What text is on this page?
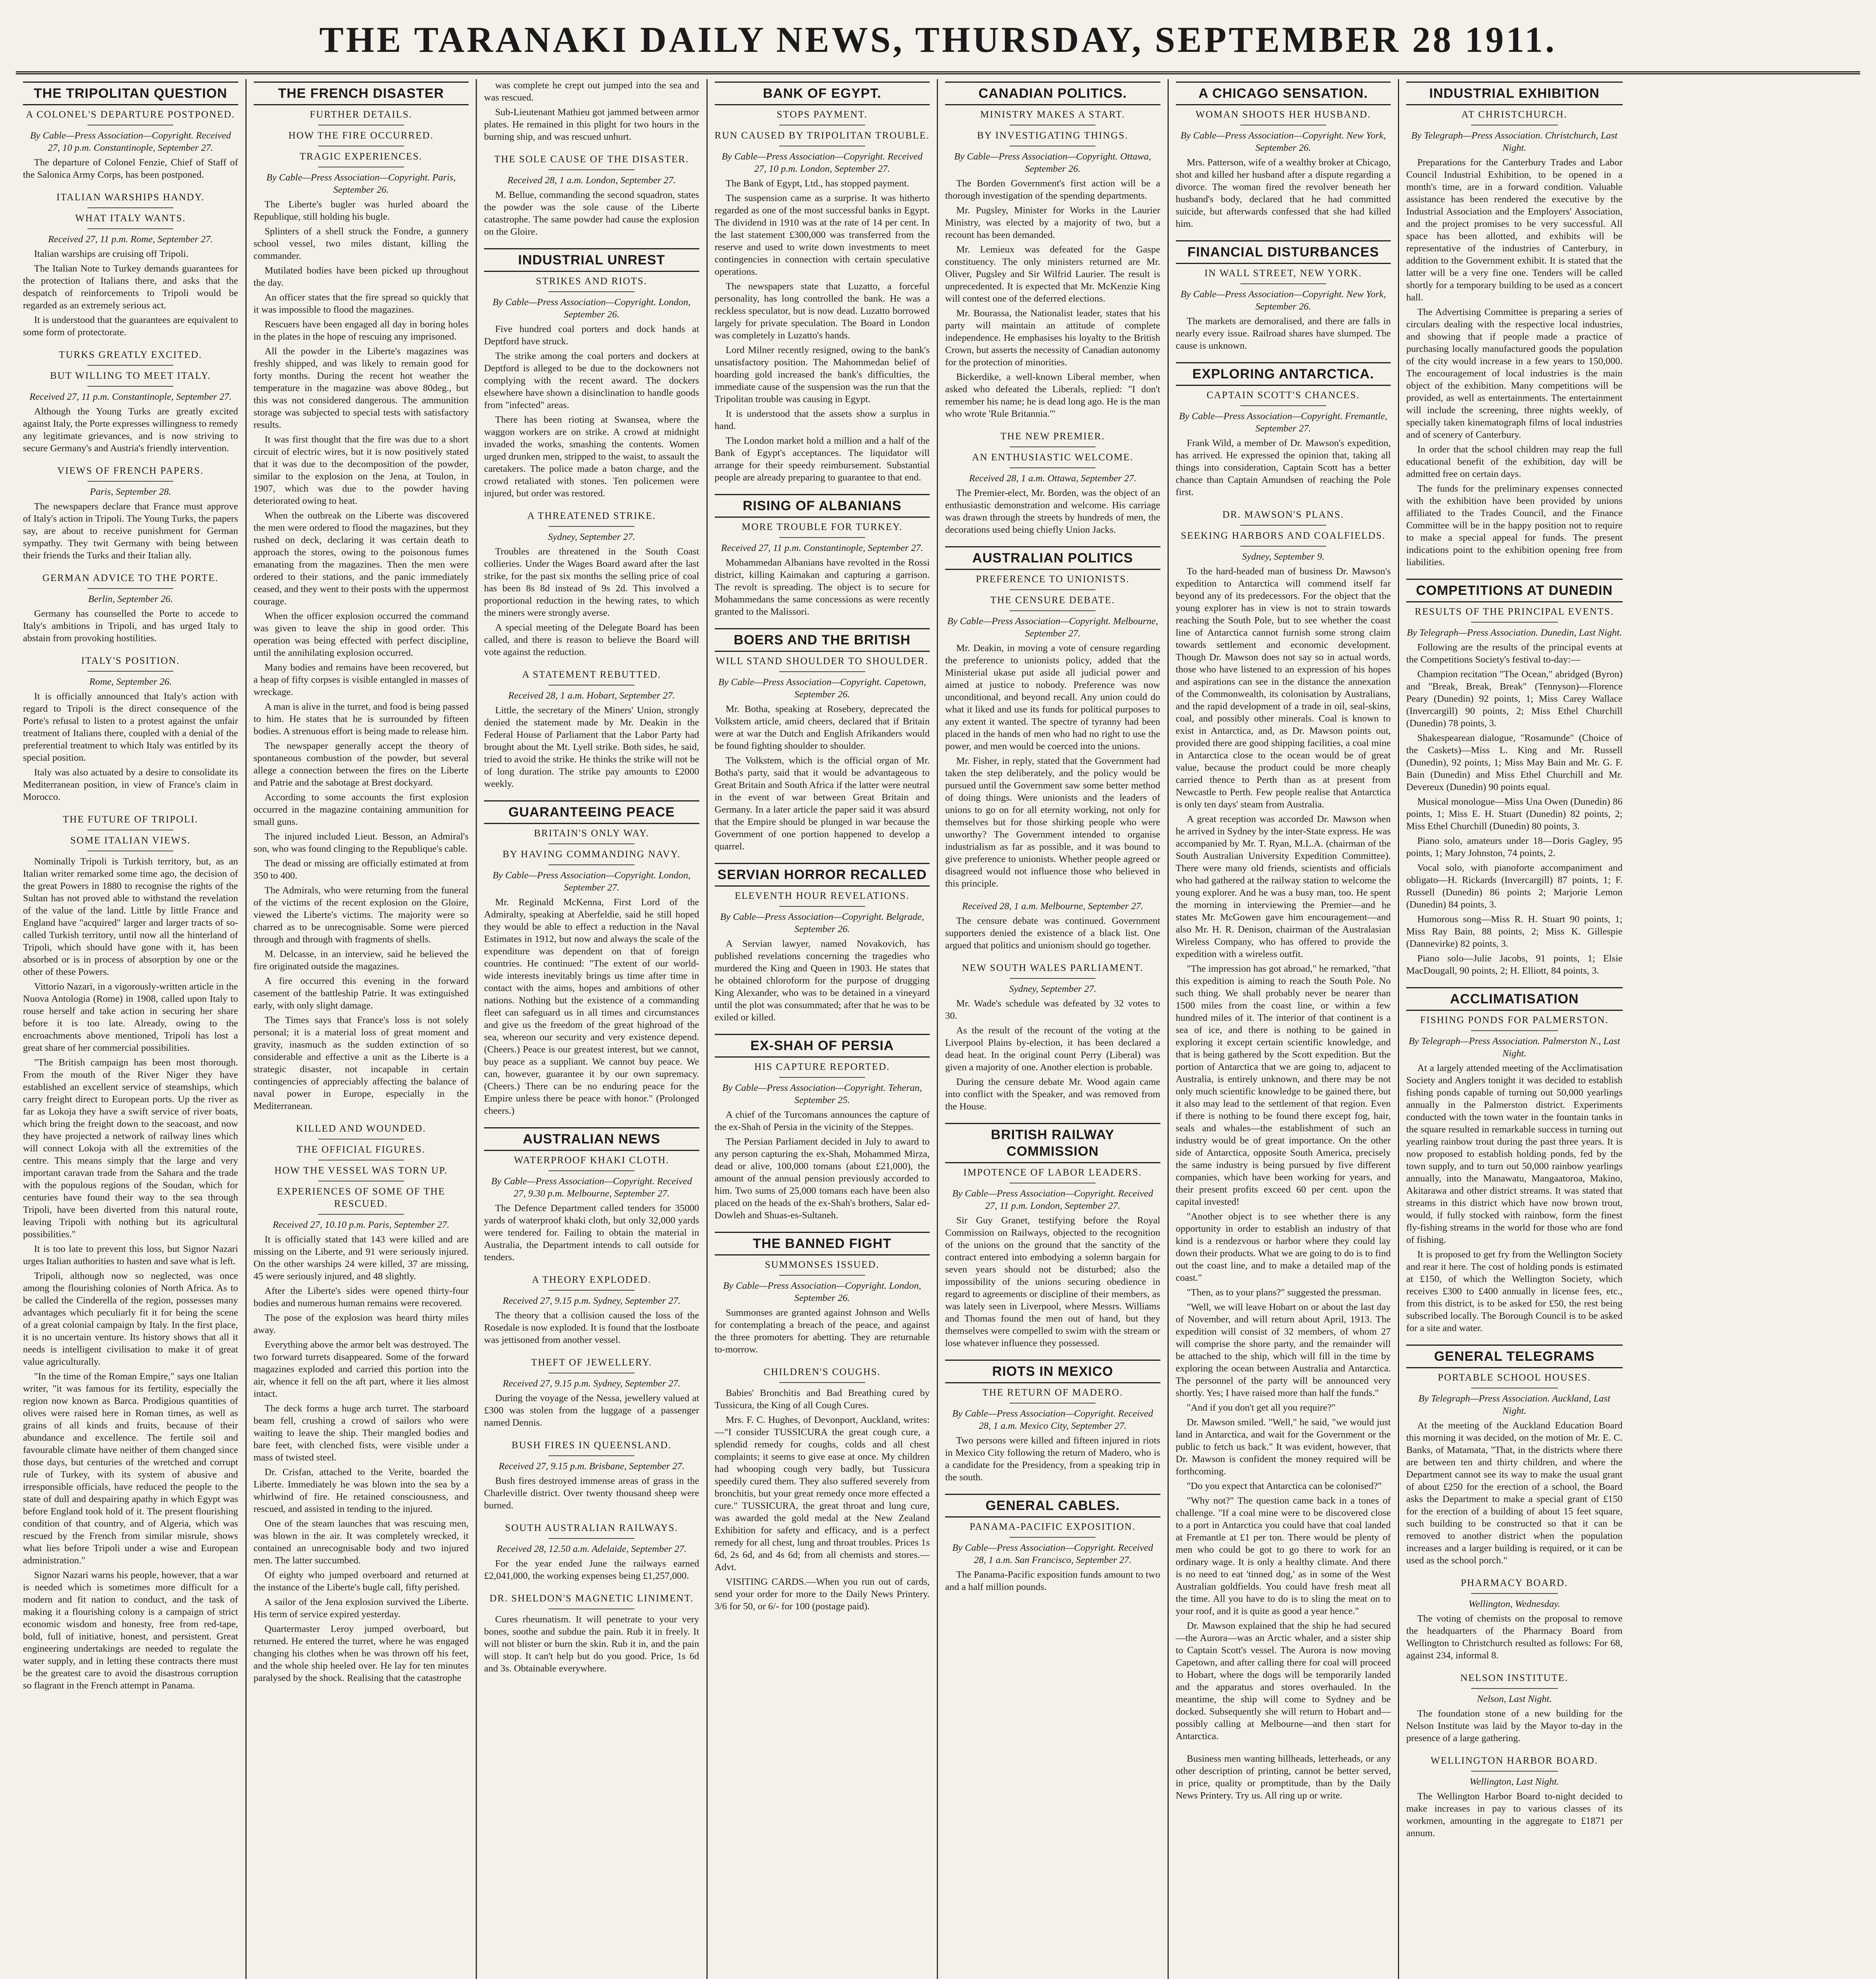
THE TARANAKI DAILY NEWS, THURSDAY, SEPTEMBER 28 1911.
THE TRIPOLITAN QUESTION
A COLONEL'S DEPARTURE POSTPONED.
By Cable—Press Association—Copyright. Received 27, 10 p.m. Constantinople, September 27.

The departure of Colonel Fenzie, Chief of Staff of the Salonica Army Corps, has been postponed.

ITALIAN WARSHIPS HANDY.
WHAT ITALY WANTS.
Received 27, 11 p.m. Rome, September 27.

Italian warships are cruising off Tripoli.

The Italian Note to Turkey demands guarantees for the protection of Italians there, and asks that the despatch of reinforcements to Tripoli would be regarded as an extremely serious act.

It is understood that the guarantees are equivalent to some form of protectorate.

TURKS GREATLY EXCITED.
BUT WILLING TO MEET ITALY.
Received 27, 11 p.m. Constantinople, September 27.

Although the Young Turks are greatly excited against Italy, the Porte expresses willingness to remedy any legitimate grievances, and is now striving to secure Germany's and Austria's friendly intervention.

VIEWS OF FRENCH PAPERS.
Paris, September 28.

The newspapers declare that France must approve of Italy's action in Tripoli. The Young Turks, the papers say, are about to receive punishment for German sympathy. They twit Germany with being between their friends the Turks and their Italian ally.

GERMAN ADVICE TO THE PORTE.
Berlin, September 26.

Germany has counselled the Porte to accede to Italy's ambitions in Tripoli, and has urged Italy to abstain from provoking hostilities.

ITALY'S POSITION.
Rome, September 26.

It is officially announced that Italy's action with regard to Tripoli is the direct consequence of the Porte's refusal to listen to a protest against the unfair treatment of Italians there, coupled with a denial of the preferential treatment to which Italy was entitled by its special position.

Italy was also actuated by a desire to consolidate its Mediterranean position, in view of France's claim in Morocco.

THE FUTURE OF TRIPOLI.
SOME ITALIAN VIEWS.

Nominally Tripoli is Turkish territory, but, as an Italian writer remarked some time ago, the decision of the great Powers in 1880 to recognise the rights of the Sultan has not proved able to withstand the revelation of the value of the land. Little by little France and England have "acquired" larger and larger tracts of so-called Turkish territory, until now all the hinterland of Tripoli, which should have gone with it, has been absorbed or is in process of absorption by one or the other of these Powers.

Vittorio Nazari, in a vigorously-written article in the Nuova Antologia (Rome) in 1908, called upon Italy to rouse herself and take action in securing her share before it is too late. Already, owing to the encroachments above mentioned, Tripoli has lost a great share of her commercial possibilities.

"The British campaign has been most thorough. From the mouth of the River Niger they have established an excellent service of steamships, which carry freight direct to European ports. Up the river as far as Lokoja they have a swift service of river boats, which bring the freight down to the seacoast, and now they have projected a network of railway lines which will connect Lokoja with all the extremities of the centre. This means simply that the large and very important caravan trade from the Sahara and the trade with the populous regions of the Soudan, which for centuries have found their way to the sea through Tripoli, have been diverted from this natural route, leaving Tripoli with nothing but its agricultural possibilities."

It is too late to prevent this loss, but Signor Nazari urges Italian authorities to hasten and save what is left.

Tripoli, although now so neglected, was once among the flourishing colonies of North Africa. As to be called the Cinderella of the region, possesses many advantages which peculiarly fit it for being the scene of a great colonial campaign by Italy. In the first place, it is no uncertain venture. Its history shows that all it needs is intelligent civilisation to make it of great value agriculturally.

"In the time of the Roman Empire," says one Italian writer, "it was famous for its fertility, especially the region now known as Barca. Prodigious quantities of olives were raised here in Roman times, as well as grains of all kinds and fruits, because of their abundance and excellence. The fertile soil and favourable climate have neither of them changed since those days, but centuries of the wretched and corrupt rule of Turkey, with its system of abusive and irresponsible officials, have reduced the people to the state of dull and despairing apathy in which Egypt was before England took hold of it. The present flourishing condition of that country, and of Algeria, which was rescued by the French from similar misrule, shows what lies before Tripoli under a wise and European administration."

Signor Nazari warns his people, however, that a war is needed which is sometimes more difficult for a modern and fit nation to conduct, and the task of making it a flourishing colony is a campaign of strict economic wisdom and honesty, free from red-tape, bold, full of initiative, honest, and persistent. Great engineering undertakings are needed to regulate the water supply, and in letting these contracts there must be the greatest care to avoid the disastrous corruption so flagrant in the French attempt in Panama.

THE FRENCH DISASTER
FURTHER DETAILS.
HOW THE FIRE OCCURRED.
TRAGIC EXPERIENCES.
By Cable—Press Association—Copyright. Paris, September 26.

The Liberte's bugler was hurled aboard the Republique, still holding his bugle.

Splinters of a shell struck the Fondre, a gunnery school vessel, two miles distant, killing the commander.

Mutilated bodies have been picked up throughout the day.

An officer states that the fire spread so quickly that it was impossible to flood the magazines.

Rescuers have been engaged all day in boring holes in the plates in the hope of rescuing any imprisoned.

All the powder in the Liberte's magazines was freshly shipped, and was likely to remain good for forty months. During the recent hot weather the temperature in the magazine was above 80deg., but this was not considered dangerous. The ammunition storage was subjected to special tests with satisfactory results.

It was first thought that the fire was due to a short circuit of electric wires, but it is now positively stated that it was due to the decomposition of the powder, similar to the explosion on the Jena, at Toulon, in 1907, which was due to the powder having deteriorated owing to heat.

When the outbreak on the Liberte was discovered the men were ordered to flood the magazines, but they rushed on deck, declaring it was certain death to approach the stores, owing to the poisonous fumes emanating from the magazines. Then the men were ordered to their stations, and the panic immediately ceased, and they went to their posts with the uppermost courage.

When the officer explosion occurred the command was given to leave the ship in good order. This operation was being effected with perfect discipline, until the annihilating explosion occurred.

Many bodies and remains have been recovered, but a heap of fifty corpses is visible entangled in masses of wreckage.

A man is alive in the turret, and food is being passed to him. He states that he is surrounded by fifteen bodies. A strenuous effort is being made to release him.

The newspaper generally accept the theory of spontaneous combustion of the powder, but several allege a connection between the fires on the Liberte and Patrie and the sabotage at Brest dockyard.

According to some accounts the first explosion occurred in the magazine containing ammunition for small guns.

The injured included Lieut. Besson, an Admiral's son, who was found clinging to the Republique's cable.

The dead or missing are officially estimated at from 350 to 400.

The Admirals, who were returning from the funeral of the victims of the recent explosion on the Gloire, viewed the Liberte's victims. The majority were so charred as to be unrecognisable. Some were pierced through and through with fragments of shells.

M. Delcasse, in an interview, said he believed the fire originated outside the magazines.

A fire occurred this evening in the forward casement of the battleship Patrie. It was extinguished early, with only slight damage.

The Times says that France's loss is not solely personal; it is a material loss of great moment and gravity, inasmuch as the sudden extinction of so considerable and effective a unit as the Liberte is a strategic disaster, not incapable in certain contingencies of appreciably affecting the balance of naval power in Europe, especially in the Mediterranean.

KILLED AND WOUNDED.
THE OFFICIAL FIGURES.
HOW THE VESSEL WAS TORN UP.
EXPERIENCES OF SOME OF THE RESCUED.
Received 27, 10.10 p.m. Paris, September 27.

It is officially stated that 143 were killed and are missing on the Liberte, and 91 were seriously injured. On the other warships 24 were killed, 37 are missing, 45 were seriously injured, and 48 slightly.

After the Liberte's sides were opened thirty-four bodies and numerous human remains were recovered.

The pose of the explosion was heard thirty miles away.

Everything above the armor belt was destroyed. The two forward turrets disappeared. Some of the forward magazines exploded and carried this portion into the air, whence it fell on the aft part, where it lies almost intact.

The deck forms a huge arch turret. The starboard beam fell, crushing a crowd of sailors who were waiting to leave the ship. Their mangled bodies and bare feet, with clenched fists, were visible under a mass of twisted steel.

Dr. Crisfan, attached to the Verite, boarded the Liberte. Immediately he was blown into the sea by a whirlwind of fire. He retained consciousness, and rescued, and assisted in tending to the injured.

One of the steam launches that was rescuing men, was blown in the air. It was completely wrecked, it contained an unrecognisable body and two injured men. The latter succumbed.

Of eighty who jumped overboard and returned at the instance of the Liberte's bugle call, fifty perished.

A sailor of the Jena explosion survived the Liberte. His term of service expired yesterday.

Quartermaster Leroy jumped overboard, but returned. He entered the turret, where he was engaged changing his clothes when he was thrown off his feet, and the whole ship heeled over. He lay for ten minutes paralysed by the shock. Realising that the catastrophe

was complete he crept out jumped into the sea and was rescued.

Sub-Lieutenant Mathieu got jammed between armor plates. He remained in this plight for two hours in the burning ship, and was rescued unhurt.

THE SOLE CAUSE OF THE DISASTER.
Received 28, 1 a.m. London, September 27.

M. Bellue, commanding the second squadron, states the powder was the sole cause of the Liberte catastrophe. The same powder had cause the explosion on the Gloire.

INDUSTRIAL UNREST
STRIKES AND RIOTS.
By Cable—Press Association—Copyright. London, September 26.

Five hundred coal porters and dock hands at Deptford have struck.

The strike among the coal porters and dockers at Deptford is alleged to be due to the dockowners not complying with the recent award. The dockers elsewhere have shown a disinclination to handle goods from "infected" areas.

There has been rioting at Swansea, where the waggon workers are on strike. A crowd at midnight invaded the works, smashing the contents. Women urged drunken men, stripped to the waist, to assault the caretakers. The police made a baton charge, and the crowd retaliated with stones. Ten policemen were injured, but order was restored.

A THREATENED STRIKE.
Sydney, September 27.

Troubles are threatened in the South Coast collieries. Under the Wages Board award after the last strike, for the past six months the selling price of coal has been 8s 8d instead of 9s 2d. This involved a proportional reduction in the hewing rates, to which the miners were strongly averse.

A special meeting of the Delegate Board has been called, and there is reason to believe the Board will vote against the reduction.

A STATEMENT REBUTTED.
Received 28, 1 a.m. Hobart, September 27.

Little, the secretary of the Miners' Union, strongly denied the statement made by Mr. Deakin in the Federal House of Parliament that the Labor Party had brought about the Mt. Lyell strike. Both sides, he said, tried to avoid the strike. He thinks the strike will not be of long duration. The strike pay amounts to £2000 weekly.

GUARANTEEING PEACE
BRITAIN'S ONLY WAY.
BY HAVING COMMANDING NAVY.
By Cable—Press Association—Copyright. London, September 27.

Mr. Reginald McKenna, First Lord of the Admiralty, speaking at Aberfeldie, said he still hoped they would be able to effect a reduction in the Naval Estimates in 1912, but now and always the scale of the expenditure was dependent on that of foreign countries. He continued: "The extent of our world-wide interests inevitably brings us time after time in contact with the aims, hopes and ambitions of other nations. Nothing but the existence of a commanding fleet can safeguard us in all times and circumstances and give us the freedom of the great highroad of the sea, whereon our security and very existence depend. (Cheers.) Peace is our greatest interest, but we cannot, buy peace as a suppliant. We cannot buy peace. We can, however, guarantee it by our own supremacy. (Cheers.) There can be no enduring peace for the Empire unless there be peace with honor." (Prolonged cheers.)

AUSTRALIAN NEWS
WATERPROOF KHAKI CLOTH.
By Cable—Press Association—Copyright. Received 27, 9.30 p.m. Melbourne, September 27.

The Defence Department called tenders for 35000 yards of waterproof khaki cloth, but only 32,000 yards were tendered for. Failing to obtain the material in Australia, the Department intends to call outside for tenders.

A THEORY EXPLODED.
Received 27, 9.15 p.m. Sydney, September 27.

The theory that a collision caused the loss of the Rosedale is now exploded. It is found that the lostboate was jettisoned from another vessel.

THEFT OF JEWELLERY.
Received 27, 9.15 p.m. Sydney, September 27.

During the voyage of the Nessa, jewellery valued at £300 was stolen from the luggage of a passenger named Dennis.

BUSH FIRES IN QUEENSLAND.
Received 27, 9.15 p.m. Brisbane, September 27.

Bush fires destroyed immense areas of grass in the Charleville district. Over twenty thousand sheep were burned.

SOUTH AUSTRALIAN RAILWAYS.
Received 28, 12.50 a.m. Adelaide, September 27.

For the year ended June the railways earned £2,041,000, the working expenses being £1,257,000.

DR. SHELDON'S MAGNETIC LINIMENT.

Cures rheumatism. It will penetrate to your very bones, soothe and subdue the pain. Rub it in freely. It will not blister or burn the skin. Rub it in, and the pain will stop. It can't help but do you good. Price, 1s 6d and 3s. Obtainable everywhere.

BANK OF EGYPT.
STOPS PAYMENT.
RUN CAUSED BY TRIPOLITAN TROUBLE.
By Cable—Press Association—Copyright. Received 27, 10 p.m. London, September 27.

The Bank of Egypt, Ltd., has stopped payment.

The suspension came as a surprise. It was hitherto regarded as one of the most successful banks in Egypt. The dividend in 1910 was at the rate of 14 per cent. In the last statement £300,000 was transferred from the reserve and used to write down investments to meet contingencies in connection with certain speculative operations.

The newspapers state that Luzatto, a forceful personality, has long controlled the bank. He was a reckless speculator, but is now dead. Luzatto borrowed largely for private speculation. The Board in London was completely in Luzatto's hands.

Lord Milner recently resigned, owing to the bank's unsatisfactory position. The Mahommedan belief of hoarding gold increased the bank's difficulties, the immediate cause of the suspension was the run that the Tripolitan trouble was causing in Egypt.

It is understood that the assets show a surplus in hand.

The London market hold a million and a half of the Bank of Egypt's acceptances. The liquidator will arrange for their speedy reimbursement. Substantial people are already preparing to guarantee to that end.

RISING OF ALBANIANS
MORE TROUBLE FOR TURKEY.
Received 27, 11 p.m. Constantinople, September 27.

Mohammedan Albanians have revolted in the Rossi district, killing Kaimakan and capturing a garrison. The revolt is spreading. The object is to secure for Mohammedans the same concessions as were recently granted to the Malissori.

BOERS AND THE BRITISH
WILL STAND SHOULDER TO SHOULDER.
By Cable—Press Association—Copyright. Capetown, September 26.

Mr. Botha, speaking at Rosebery, deprecated the Volkstem article, amid cheers, declared that if Britain were at war the Dutch and English Afrikanders would be found fighting shoulder to shoulder.

The Volkstem, which is the official organ of Mr. Botha's party, said that it would be advantageous to Great Britain and South Africa if the latter were neutral in the event of war between Great Britain and Germany. In a later article the paper said it was absurd that the Empire should be plunged in war because the Government of one portion happened to develop a quarrel.

SERVIAN HORROR RECALLED
ELEVENTH HOUR REVELATIONS.
By Cable—Press Association—Copyright. Belgrade, September 26.

A Servian lawyer, named Novakovich, has published revelations concerning the tragedies who murdered the King and Queen in 1903. He states that he obtained chloroform for the purpose of drugging King Alexander, who was to be detained in a vineyard until the plot was consummated; after that he was to be exiled or killed.

EX-SHAH OF PERSIA
HIS CAPTURE REPORTED.
By Cable—Press Association—Copyright. Teheran, September 25.

A chief of the Turcomans announces the capture of the ex-Shah of Persia in the vicinity of the Steppes.

The Persian Parliament decided in July to award to any person capturing the ex-Shah, Mohammed Mirza, dead or alive, 100,000 tomans (about £21,000), the amount of the annual pension previously accorded to him. Two sums of 25,000 tomans each have been also placed on the heads of the ex-Shah's brothers, Salar ed-Dowleh and Shuas-es-Sultaneh.

THE BANNED FIGHT
SUMMONSES ISSUED.
By Cable—Press Association—Copyright. London, September 26.

Summonses are granted against Johnson and Wells for contemplating a breach of the peace, and against the three promoters for abetting. They are returnable to-morrow.

CHILDREN'S COUGHS.

Babies' Bronchitis and Bad Breathing cured by Tussicura, the King of all Cough Cures.

Mrs. F. C. Hughes, of Devonport, Auckland, writes:—"I consider TUSSICURA the great cough cure, a splendid remedy for coughs, colds and all chest complaints; it seems to give ease at once. My children had whooping cough very badly, but Tussicura speedily cured them. They also suffered severely from bronchitis, but your great remedy once more effected a cure." TUSSICURA, the great throat and lung cure, was awarded the gold medal at the New Zealand Exhibition for safety and efficacy, and is a perfect remedy for all chest, lung and throat troubles. Prices 1s 6d, 2s 6d, and 4s 6d; from all chemists and stores.—Advt.

VISITING CARDS.—When you run out of cards, send your order for more to the Daily News Printery. 3/6 for 50, or 6/- for 100 (postage paid).

CANADIAN POLITICS.
MINISTRY MAKES A START.
BY INVESTIGATING THINGS.
By Cable—Press Association—Copyright. Ottawa, September 26.

The Borden Government's first action will be a thorough investigation of the spending departments.

Mr. Pugsley, Minister for Works in the Laurier Ministry, was elected by a majority of two, but a recount has been demanded.

Mr. Lemieux was defeated for the Gaspe constituency. The only ministers returned are Mr. Oliver, Pugsley and Sir Wilfrid Laurier. The result is unprecedented. It is expected that Mr. McKenzie King will contest one of the deferred elections.

Mr. Bourassa, the Nationalist leader, states that his party will maintain an attitude of complete independence. He emphasises his loyalty to the British Crown, but asserts the necessity of Canadian autonomy for the protection of minorities.

Bickerdike, a well-known Liberal member, when asked who defeated the Liberals, replied: "I don't remember his name; he is dead long ago. He is the man who wrote 'Rule Britannia.'"

THE NEW PREMIER.
AN ENTHUSIASTIC WELCOME.
Received 28, 1 a.m. Ottawa, September 27.

The Premier-elect, Mr. Borden, was the object of an enthusiastic demonstration and welcome. His carriage was drawn through the streets by hundreds of men, the decorations used being chiefly Union Jacks.

AUSTRALIAN POLITICS
PREFERENCE TO UNIONISTS.
THE CENSURE DEBATE.
By Cable—Press Association—Copyright. Melbourne, September 27.

Mr. Deakin, in moving a vote of censure regarding the preference to unionists policy, added that the Ministerial ukase put aside all judicial power and aimed at justice to nobody. Preference was now unconditional, and beyond recall. Any union could do what it liked and use its funds for political purposes to any extent it wanted. The spectre of tyranny had been placed in the hands of men who had no right to use the power, and men would be coerced into the unions.

Mr. Fisher, in reply, stated that the Government had taken the step deliberately, and the policy would be pursued until the Government saw some better method of doing things. Were unionists and the leaders of unions to go on for all eternity working, not only for themselves but for those shirking people who were unworthy? The Government intended to organise industrialism as far as possible, and it was bound to give preference to unionists. Whether people agreed or disagreed would not influence those who believed in this principle.

Received 28, 1 a.m. Melbourne, September 27.

The censure debate was continued. Government supporters denied the existence of a black list. One argued that politics and unionism should go together.

NEW SOUTH WALES PARLIAMENT.
Sydney, September 27.

Mr. Wade's schedule was defeated by 32 votes to 30.

As the result of the recount of the voting at the Liverpool Plains by-election, it has been declared a dead heat. In the original count Perry (Liberal) was given a majority of one. Another election is probable.

During the censure debate Mr. Wood again came into conflict with the Speaker, and was removed from the House.

BRITISH RAILWAY COMMISSION
IMPOTENCE OF LABOR LEADERS.
By Cable—Press Association—Copyright. Received 27, 11 p.m. London, September 27.

Sir Guy Granet, testifying before the Royal Commission on Railways, objected to the recognition of the unions on the ground that the sanctity of the contract entered into embodying a solemn bargain for seven years should not be disturbed; also the impossibility of the unions securing obedience in regard to agreements or discipline of their members, as was lately seen in Liverpool, where Messrs. Williams and Thomas found the men out of hand, but they themselves were compelled to swim with the stream or lose whatever influence they possessed.

RIOTS IN MEXICO
THE RETURN OF MADERO.
By Cable—Press Association—Copyright. Received 28, 1 a.m. Mexico City, September 27.

Two persons were killed and fifteen injured in riots in Mexico City following the return of Madero, who is a candidate for the Presidency, from a speaking trip in the south.

GENERAL CABLES.
PANAMA-PACIFIC EXPOSITION.
By Cable—Press Association—Copyright. Received 28, 1 a.m. San Francisco, September 27.

The Panama-Pacific exposition funds amount to two and a half million pounds.

A CHICAGO SENSATION.
WOMAN SHOOTS HER HUSBAND.
By Cable—Press Association—Copyright. New York, September 26.

Mrs. Patterson, wife of a wealthy broker at Chicago, shot and killed her husband after a dispute regarding a divorce. The woman fired the revolver beneath her husband's body, declared that he had committed suicide, but afterwards confessed that she had killed him.

FINANCIAL DISTURBANCES
IN WALL STREET, NEW YORK.
By Cable—Press Association—Copyright. New York, September 26.

The markets are demoralised, and there are falls in nearly every issue. Railroad shares have slumped. The cause is unknown.

EXPLORING ANTARCTICA.
CAPTAIN SCOTT'S CHANCES.
By Cable—Press Association—Copyright. Fremantle, September 27.

Frank Wild, a member of Dr. Mawson's expedition, has arrived. He expressed the opinion that, taking all things into consideration, Captain Scott has a better chance than Captain Amundsen of reaching the Pole first.

DR. MAWSON'S PLANS.
SEEKING HARBORS AND COALFIELDS.
Sydney, September 9.

To the hard-headed man of business Dr. Mawson's expedition to Antarctica will commend itself far beyond any of its predecessors. For the object that the young explorer has in view is not to strain towards reaching the South Pole, but to see whether the coast line of Antarctica cannot furnish some strong claim towards settlement and economic development. Though Dr. Mawson does not say so in actual words, those who have listened to an expression of his hopes and aspirations can see in the distance the annexation of the Commonwealth, its colonisation by Australians, and the rapid development of a trade in oil, seal-skins, coal, and possibly other minerals. Coal is known to exist in Antarctica, and, as Dr. Mawson points out, provided there are good shipping facilities, a coal mine in Antarctica close to the ocean would be of great value, because the product could be more cheaply carried thence to Perth than as at present from Newcastle to Perth. Few people realise that Antarctica is only ten days' steam from Australia.

A great reception was accorded Dr. Mawson when he arrived in Sydney by the inter-State express. He was accompanied by Mr. T. Ryan, M.L.A. (chairman of the South Australian University Expedition Committee). There were many old friends, scientists and officials who had gathered at the railway station to welcome the young explorer. And he was a busy man, too. He spent the morning in interviewing the Premier—and he states Mr. McGowen gave him encouragement—and also Mr. H. R. Denison, chairman of the Australasian Wireless Company, who has offered to provide the expedition with a wireless outfit.

"The impression has got abroad," he remarked, "that this expedition is aiming to reach the South Pole. No such thing. We shall probably never be nearer than 1500 miles from the coast line, or within a few hundred miles of it. The interior of that continent is a sea of ice, and there is nothing to be gained in exploring it except certain scientific knowledge, and that is being gathered by the Scott expedition. But the portion of Antarctica that we are going to, adjacent to Australia, is entirely unknown, and there may be not only much scientific knowledge to be gained there, but it also may lead to the settlement of that region. Even if there is nothing to be found there except fog, hair, seals and whales—the establishment of such an industry would be of great importance. On the other side of Antarctica, opposite South America, precisely the same industry is being pursued by five different companies, which have been working for years, and their present profits exceed 60 per cent. upon the capital invested!

"Another object is to see whether there is any opportunity in order to establish an industry of that kind is a rendezvous or harbor where they could lay down their products. What we are going to do is to find out the coast line, and to make a detailed map of the coast."

"Then, as to your plans?" suggested the pressman.

"Well, we will leave Hobart on or about the last day of November, and will return about April, 1913. The expedition will consist of 32 members, of whom 27 will comprise the shore party, and the remainder will be attached to the ship, which will fill in the time by exploring the ocean between Australia and Antarctica. The personnel of the party will be announced very shortly. Yes; I have raised more than half the funds."

"And if you don't get all you require?"

Dr. Mawson smiled. "Well," he said, "we would just land in Antarctica, and wait for the Government or the public to fetch us back." It was evident, however, that Dr. Mawson is confident the money required will be forthcoming.

"Do you expect that Antarctica can be colonised?"

"Why not?" The question came back in a tones of challenge. "If a coal mine were to be discovered close to a port in Antarctica you could have that coal landed at Fremantle at £1 per ton. There would be plenty of men who could be got to go there to work for an ordinary wage. It is only a healthy climate. And there is no need to eat 'tinned dog,' as in some of the West Australian goldfields. You could have fresh meat all the time. All you have to do is to sling the meat on to your roof, and it is quite as good a year hence."

Dr. Mawson explained that the ship he had secured—the Aurora—was an Arctic whaler, and a sister ship to Captain Scott's vessel. The Aurora is now moving Capetown, and after calling there for coal will proceed to Hobart, where the dogs will be temporarily landed and the apparatus and stores overhauled. In the meantime, the ship will come to Sydney and be docked. Subsequently she will return to Hobart and—possibly calling at Melbourne—and then start for Antarctica.

Business men wanting billheads, letterheads, or any other description of printing, cannot be better served, in price, quality or promptitude, than by the Daily News Printery. Try us. All ring up or write.

INDUSTRIAL EXHIBITION
AT CHRISTCHURCH.
By Telegraph—Press Association. Christchurch, Last Night.

Preparations for the Canterbury Trades and Labor Council Industrial Exhibition, to be opened in a month's time, are in a forward condition. Valuable assistance has been rendered the executive by the Industrial Association and the Employers' Association, and the project promises to be very successful. All space has been allotted, and exhibits will be representative of the industries of Canterbury, in addition to the Government exhibit. It is stated that the latter will be a very fine one. Tenders will be called shortly for a temporary building to be used as a concert hall.

The Advertising Committee is preparing a series of circulars dealing with the respective local industries, and showing that if people made a practice of purchasing locally manufactured goods the population of the city would increase in a few years to 150,000. The encouragement of local industries is the main object of the exhibition. Many competitions will be provided, as well as entertainments. The entertainment will include the screening, three nights weekly, of specially taken kinematograph films of local industries and of scenery of Canterbury.

In order that the school children may reap the full educational benefit of the exhibition, day will be admitted free on certain days.

The funds for the preliminary expenses connected with the exhibition have been provided by unions affiliated to the Trades Council, and the Finance Committee will be in the happy position not to require to make a special appeal for funds. The present indications point to the exhibition opening free from liabilities.

COMPETITIONS AT DUNEDIN
RESULTS OF THE PRINCIPAL EVENTS.
By Telegraph—Press Association. Dunedin, Last Night.

Following are the results of the principal events at the Competitions Society's festival to-day:—

Champion recitation "The Ocean," abridged (Byron) and "Break, Break, Break" (Tennyson)—Florence Peary (Dunedin) 92 points, 1; Miss Carey Wallace (Invercargill) 90 points, 2; Miss Ethel Churchill (Dunedin) 78 points, 3.

Shakespearean dialogue, "Rosamunde" (Choice of the Caskets)—Miss L. King and Mr. Russell (Dunedin), 92 points, 1; Miss May Bain and Mr. G. F. Bain (Dunedin) and Miss Ethel Churchill and Mr. Devereux (Dunedin) 90 points equal.

Musical monologue—Miss Una Owen (Dunedin) 86 points, 1; Miss E. H. Stuart (Dunedin) 82 points, 2; Miss Ethel Churchill (Dunedin) 80 points, 3.

Piano solo, amateurs under 18—Doris Gagley, 95 points, 1; Mary Johnston, 74 points, 2.

Vocal solo, with pianoforte accompaniment and obligato—H. Rickards (Invercargill) 87 points, 1; F. Russell (Dunedin) 86 points 2; Marjorie Lemon (Dunedin) 84 points, 3.

Humorous song—Miss R. H. Stuart 90 points, 1; Miss Ray Bain, 88 points, 2; Miss K. Gillespie (Dannevirke) 82 points, 3.

Piano solo—Julie Jacobs, 91 points, 1; Elsie MacDougall, 90 points, 2; H. Elliott, 84 points, 3.

ACCLIMATISATION
FISHING PONDS FOR PALMERSTON.
By Telegraph—Press Association. Palmerston N., Last Night.

At a largely attended meeting of the Acclimatisation Society and Anglers tonight it was decided to establish fishing ponds capable of turning out 50,000 yearlings annually in the Palmerston district. Experiments conducted with the town water in the fountain tanks in the square resulted in remarkable success in turning out yearling rainbow trout during the past three years. It is now proposed to establish holding ponds, fed by the town supply, and to turn out 50,000 rainbow yearlings annually, into the Manawatu, Mangaatoroa, Makino, Akitarawa and other district streams. It was stated that streams in this district which have now brown trout, would, if fully stocked with rainbow, form the finest fly-fishing streams in the world for those who are fond of fishing.

It is proposed to get fry from the Wellington Society and rear it here. The cost of holding ponds is estimated at £150, of which the Wellington Society, which receives £300 to £400 annually in license fees, etc., from this district, is to be asked for £50, the rest being subscribed locally. The Borough Council is to be asked for a site and water.

GENERAL TELEGRAMS
PORTABLE SCHOOL HOUSES.
By Telegraph—Press Association. Auckland, Last Night.

At the meeting of the Auckland Education Board this morning it was decided, on the motion of Mr. E. C. Banks, of Matamata, "That, in the districts where there are between ten and thirty children, and where the Department cannot see its way to make the usual grant of about £250 for the erection of a school, the Board asks the Department to make a special grant of £150 for the erection of a building of about 15 feet square, such building to be constructed so that it can be removed to another district when the population increases and a larger building is required, or it can be used as the school porch."

PHARMACY BOARD.
Wellington, Wednesday.

The voting of chemists on the proposal to remove the headquarters of the Pharmacy Board from Wellington to Christchurch resulted as follows: For 68, against 234, informal 8.

NELSON INSTITUTE.
Nelson, Last Night.

The foundation stone of a new building for the Nelson Institute was laid by the Mayor to-day in the presence of a large gathering.

WELLINGTON HARBOR BOARD.
Wellington, Last Night.

The Wellington Harbor Board to-night decided to make increases in pay to various classes of its workmen, amounting in the aggregate to £1871 per annum.
